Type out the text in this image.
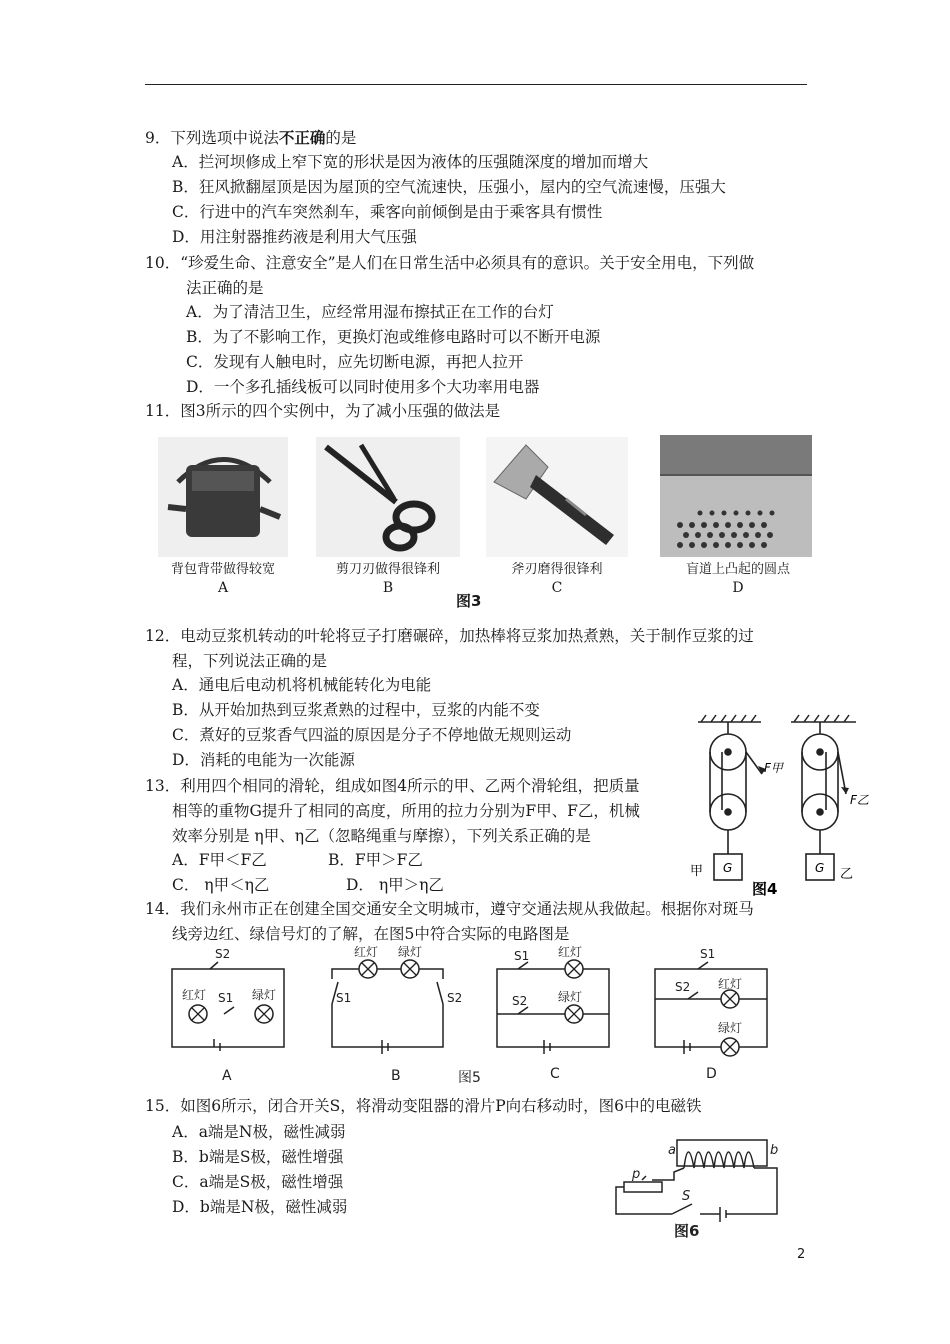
9．下列选项中说法不正确的是
A．拦河坝修成上窄下宽的形状是因为液体的压强随深度的增加而增大
B．狂风掀翻屋顶是因为屋顶的空气流速快，压强小，屋内的空气流速慢，压强大
C．行进中的汽车突然刹车，乘客向前倾倒是由于乘客具有惯性
D．用注射器推药液是利用大气压强
10．“珍爱生命、注意安全”是人们在日常生活中必须具有的意识。关于安全用电，下列做
法正确的是
A．为了清洁卫生，应经常用湿布擦拭正在工作的台灯
B．为了不影响工作，更换灯泡或维修电路时可以不断开电源
C．发现有人触电时，应先切断电源，再把人拉开
D．一个多孔插线板可以同时使用多个大功率用电器
11．图3所示的四个实例中，为了减小压强的做法是
背包背带做得较宽
A
剪刀刃做得很锋利
B
斧刃磨得很锋利
C
盲道上凸起的圆点
D
图3
12．电动豆浆机转动的叶轮将豆子打磨碾碎，加热棒将豆浆加热煮熟，关于制作豆浆的过
程，下列说法正确的是
A．通电后电动机将机械能转化为电能
B．从开始加热到豆浆煮熟的过程中，豆浆的内能不变
C．煮好的豆浆香气四溢的原因是分子不停地做无规则运动
D．消耗的电能为一次能源
13．利用四个相同的滑轮，组成如图4所示的甲、乙两个滑轮组，把质量
相等的重物G提升了相同的高度，所用的拉力分别为F甲、F乙，机械
效率分别是 η甲、η乙（忽略绳重与摩擦），下列关系正确的是
A．F甲＜F乙	B．F甲＞F乙
C． η甲＜η乙	D． η甲＞η乙
F甲
F乙
G	G
甲	乙
图4
14．我们永州市正在创建全国交通安全文明城市，遵守交通法规从我做起。根据你对斑马
线旁边红、绿信号灯的了解，在图5中符合实际的电路图是
S2
红灯 S1 绿灯
红灯 绿灯
S1	S2
S1 红灯
S2	绿灯
S1
S2 红灯
绿灯
A	B	C	D
图5
15．如图6所示，闭合开关S，将滑动变阻器的滑片P向右移动时，图6中的电磁铁
A．a端是N极，磁性减弱
B．b端是S极，磁性增强
C．a端是S极，磁性增强
D．b端是N极，磁性减弱
a	b
p
S
图6
2
